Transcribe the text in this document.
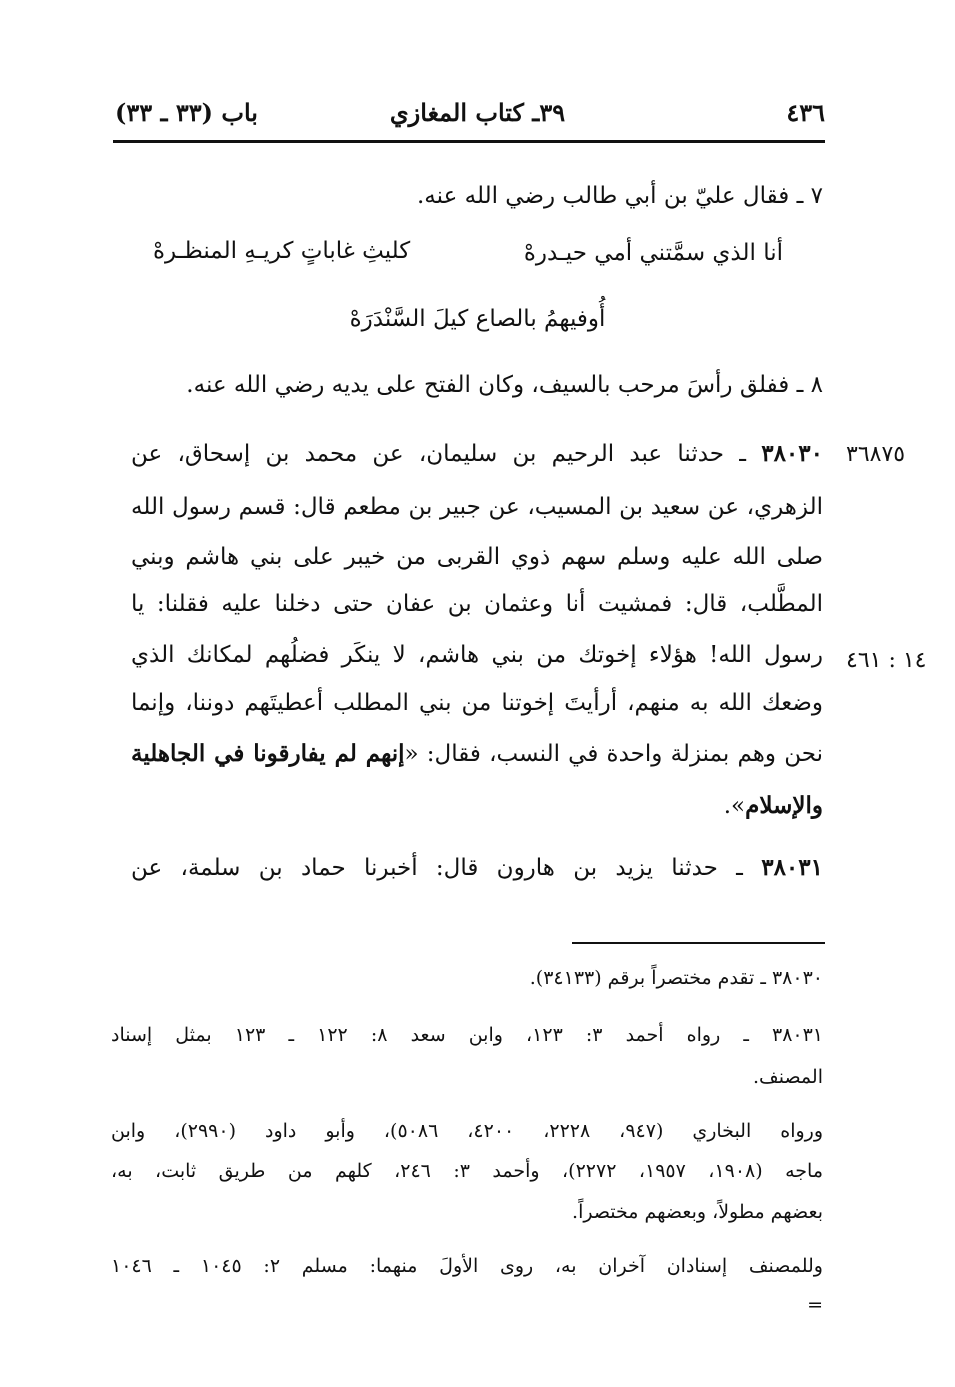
٤٣٦
٣٩ـ كتاب المغازي
باب (٣٣ ـ ٣٣)
٧ ـ فقال عليّ بن أبي طالب رضي الله عنه.
أنا الذي سمَّتني أمي حيـدرهْ
كليثِ غاباتٍ كريـهِ المنظـرهْ
أُوفيهمُ بالصاع كيلَ السَّنْدَرَهْ
٨ ـ ففلق رأسَ مرحب بالسيف، وكان الفتح على يديه رضي الله عنه.
٣٦٨٧٥
٣٨٠٣٠ ـ حدثنا عبد الرحيم بن سليمان، عن محمد بن إسحاق، عن
الزهري، عن سعيد بن المسيب، عن جبير بن مطعم قال: قسم رسول الله
صلى الله عليه وسلم سهم ذوي القربى من خيبر على بني هاشم وبني
المطَّلب، قال: فمشيت أنا وعثمان بن عفان حتى دخلنا عليه فقلنا: يا
١٤ : ٤٦١
رسول الله! هؤلاء إخوتك من بني هاشم، لا ينكَر فضلُهم لمكانك الذي
وضعك الله به منهم، أرأيتَ إخوتنا من بني المطلب أعطيتَهم دوننا، وإنما
نحن وهم بمنزلة واحدة في النسب، فقال: «إنهم لم يفارقونا في الجاهلية
والإسلام».
٣٨٠٣١ ـ حدثنا يزيد بن هارون قال: أخبرنا حماد بن سلمة، عن
٣٨٠٣٠ ـ تقدم مختصراً برقم (٣٤١٣٣).
٣٨٠٣١ ـ رواه أحمد ٣: ١٢٣، وابن سعد ٨: ١٢٢ ـ ١٢٣ بمثل إسناد
المصنف.
ورواه البخاري (٩٤٧، ٢٢٢٨، ٤٢٠٠، ٥٠٨٦)، وأبو داود (٢٩٩٠)، وابن
ماجه (١٩٠٨، ١٩٥٧، ٢٢٧٢)، وأحمد ٣: ٢٤٦، كلهم من طريق ثابت، به،
بعضهم مطولاً، وبعضهم مختصراً.
وللمصنف إسنادان آخران به، روى الأولَ منهما: مسلم ٢: ١٠٤٥ ـ ١٠٤٦
=
